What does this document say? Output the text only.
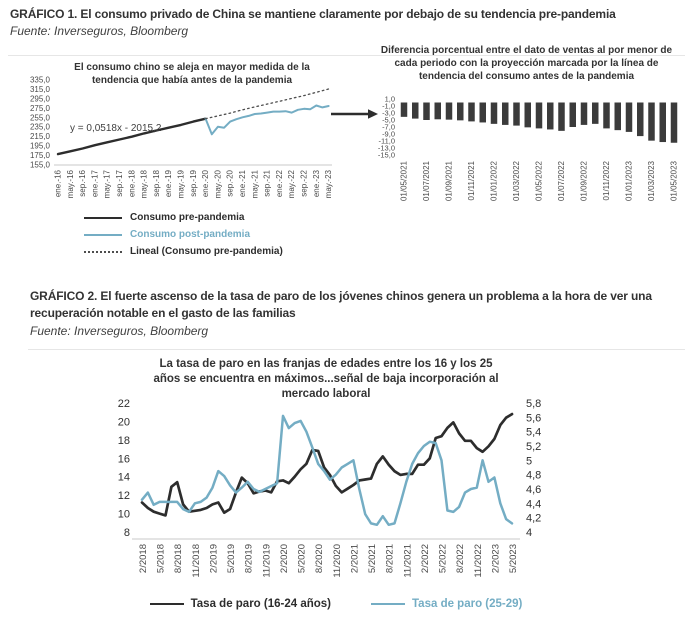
GRÁFICO 1. El consumo privado de China se mantiene claramente por debajo de su tendencia pre-pandemia
Fuente: Inverseguros, Bloomberg
El consumo chino se aleja en mayor medida de la tendencia que había antes de la pandemia
335,0
315,0
295,0
275,0
255,0
235,0
215,0
195,0
175,0
155,0
ene.-16 may.-16 sep.-16 ene.-17 may.-17 sep.-17 ene.-18 may.-18 sep.-18 ene.-19 may.-19 sep.-19 ene.-20 may.-20 sep.-20 ene.-21 may.-21 sep.-21 ene.-22 may.-22 sep.-22 ene.-23 may.-23
y = 0,0518x - 2015,2
Consumo pre-pandemia
Consumo post-pandemia
Lineal (Consumo pre-pandemia)
Diferencia porcentual entre el dato de ventas al por menor de cada periodo con la proyección marcada por la línea de tendencia del consumo antes de la pandemia
1,0
-1,0
-3,0
-5,0
-7,0
-9,0
-11,0
-13,0
-15,0
01/05/2021 01/07/2021 01/09/2021 01/11/2021 01/01/2022 01/03/2022 01/05/2022 01/07/2022 01/09/2022 01/11/2022 01/01/2023 01/03/2023 01/05/2023
GRÁFICO 2. El fuerte ascenso de la tasa de paro de los jóvenes chinos genera un problema a la hora de ver una recuperación notable en el gasto de las familias
Fuente: Inverseguros, Bloomberg
La tasa de paro en las franjas de edades entre los 16 y los 25 años se encuentra en máximos...señal de baja incorporación al mercado laboral
22
20
18
16
14
12
10
8
5,8
5,6
5,4
5,2
5
4,8
4,6
4,4
4,2
4
2/2018 5/2018 8/2018 11/2018 2/2019 5/2019 8/2019 11/2019 2/2020 5/2020 8/2020 11/2020 2/2021 5/2021 8/2021 11/2021 2/2022 5/2022 8/2022 11/2022 2/2023 5/2023
Tasa de paro (16-24 años)	Tasa de paro (25-29)
